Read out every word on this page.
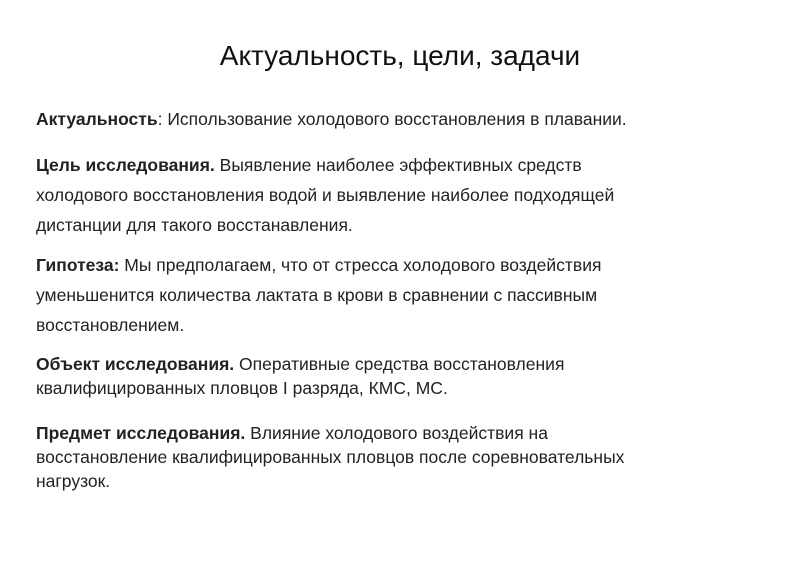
Актуальность, цели, задачи

Актуальность: Использование холодового восстановления в плавании.

Цель исследования. Выявление наиболее эффективных средств
холодового восстановления водой и выявление наиболее подходящей
дистанции для такого восстанавления.

Гипотеза: Мы предполагаем, что от стресса холодового воздействия
уменьшенится количества лактата в крови в сравнении с пассивным
восстановлением.

Объект исследования. Оперативные средства восстановления
квалифицированных пловцов I разряда, КМС, МС.

Предмет исследования. Влияние холодового воздействия на
восстановление квалифицированных пловцов после соревновательных
нагрузок.
